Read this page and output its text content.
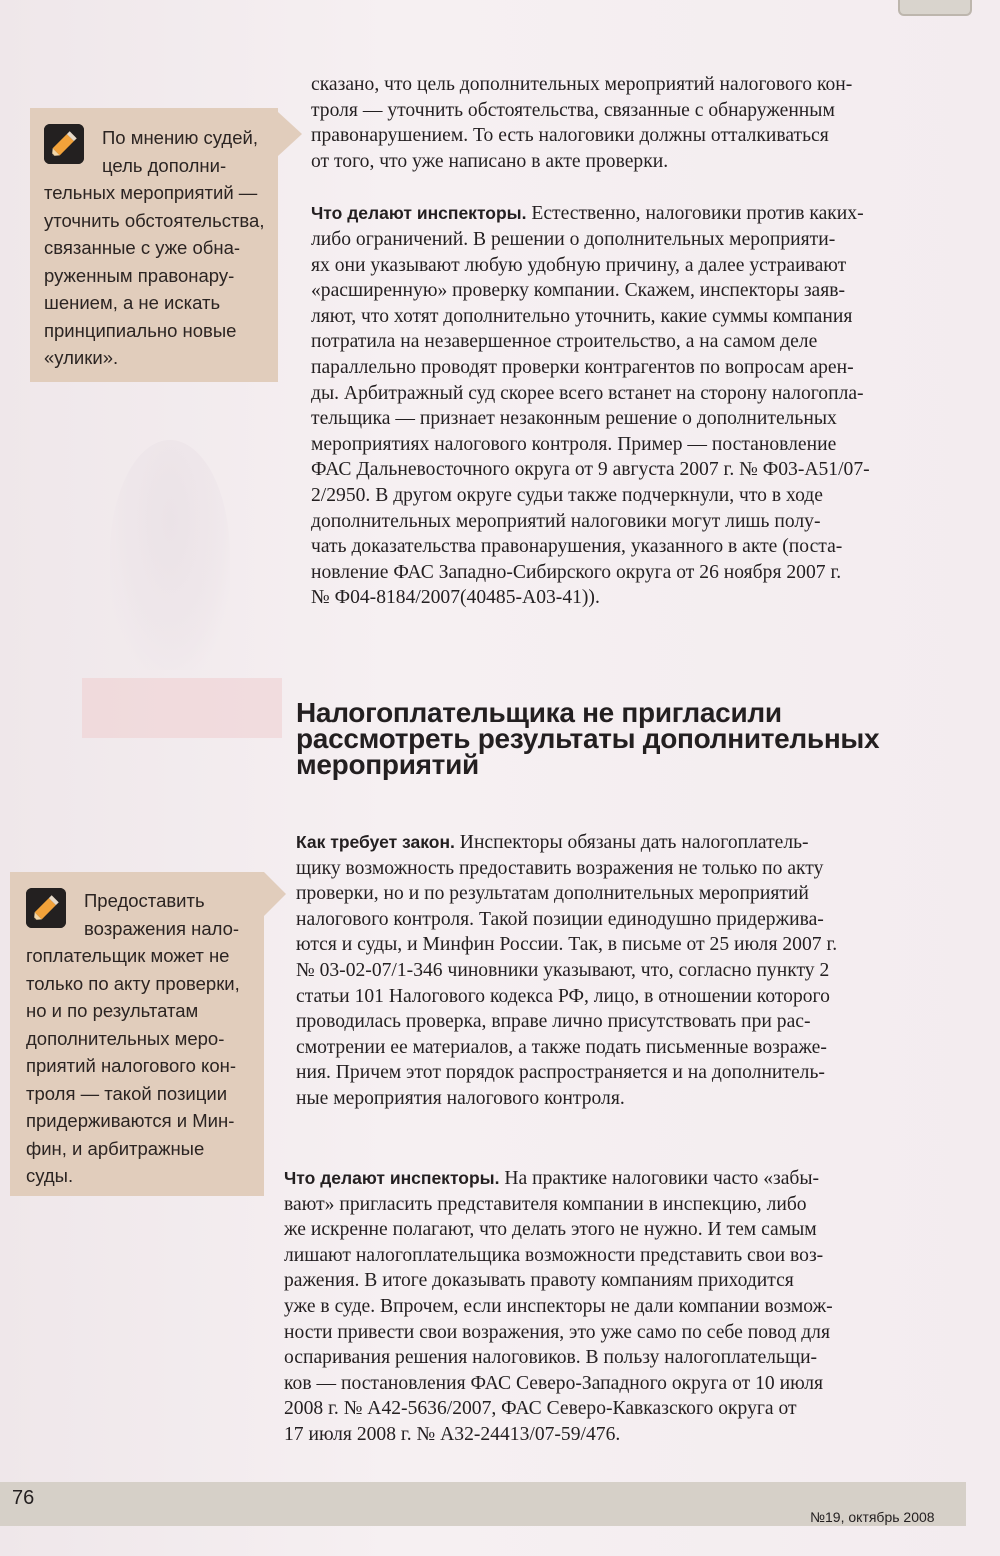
По мнению судей,
цель дополни-
тельных мероприятий —
уточнить обстоятельства,
связанные с уже обна-
руженным правонару-
шением, а не искать
принципиально новые
«улики».
Предоставить
возражения нало-
гоплательщик может не
только по акту проверки,
но и по результатам
дополнительных меро-
приятий налогового кон-
троля — такой позиции
придерживаются и Мин-
фин, и арбитражные
суды.
сказано, что цель дополнительных мероприятий налогового кон-
троля — уточнить обстоятельства, связанные с обнаруженным
правонарушением. То есть налоговики должны отталкиваться
от того, что уже написано в акте проверки.
Что делают инспекторы. Естественно, налоговики против каких-
либо ограничений. В решении о дополнительных мероприяти-
ях они указывают любую удобную причину, а далее устраивают
«расширенную» проверку компании. Скажем, инспекторы заяв-
ляют, что хотят дополнительно уточнить, какие суммы компания
потратила на незавершенное строительство, а на самом деле
параллельно проводят проверки контрагентов по вопросам арен-
ды. Арбитражный суд скорее всего встанет на сторону налогопла-
тельщика — признает незаконным решение о дополнительных
мероприятиях налогового контроля. Пример — постановление
ФАС Дальневосточного округа от 9 августа 2007 г. № Ф03-А51/07-
2/2950. В другом округе судьи также подчеркнули, что в ходе
дополнительных мероприятий налоговики могут лишь полу-
чать доказательства правонарушения, указанного в акте (поста-
новление ФАС Западно-Сибирского округа от 26 ноября 2007 г.
№ Ф04-8184/2007(40485-А03-41)).
Налогоплательщика не пригласили
рассмотреть результаты дополнительных
мероприятий
Как требует закон. Инспекторы обязаны дать налогоплатель-
щику возможность предоставить возражения не только по акту
проверки, но и по результатам дополнительных мероприятий
налогового контроля. Такой позиции единодушно придержива-
ются и суды, и Минфин России. Так, в письме от 25 июля 2007 г.
№ 03-02-07/1-346 чиновники указывают, что, согласно пункту 2
статьи 101 Налогового кодекса РФ, лицо, в отношении которого
проводилась проверка, вправе лично присутствовать при рас-
смотрении ее материалов, а также подать письменные возраже-
ния. Причем этот порядок распространяется и на дополнитель-
ные мероприятия налогового контроля.
Что делают инспекторы. На практике налоговики часто «забы-
вают» пригласить представителя компании в инспекцию, либо
же искренне полагают, что делать этого не нужно. И тем самым
лишают налогоплательщика возможности представить свои воз-
ражения. В итоге доказывать правоту компаниям приходится
уже в суде. Впрочем, если инспекторы не дали компании возмож-
ности привести свои возражения, это уже само по себе повод для
оспаривания решения налоговиков. В пользу налогоплательщи-
ков — постановления ФАС Северо-Западного округа от 10 июля
2008 г. № А42-5636/2007, ФАС Северо-Кавказского округа от
17 июля 2008 г. № А32-24413/07-59/476.
76
№19, октябрь 2008
